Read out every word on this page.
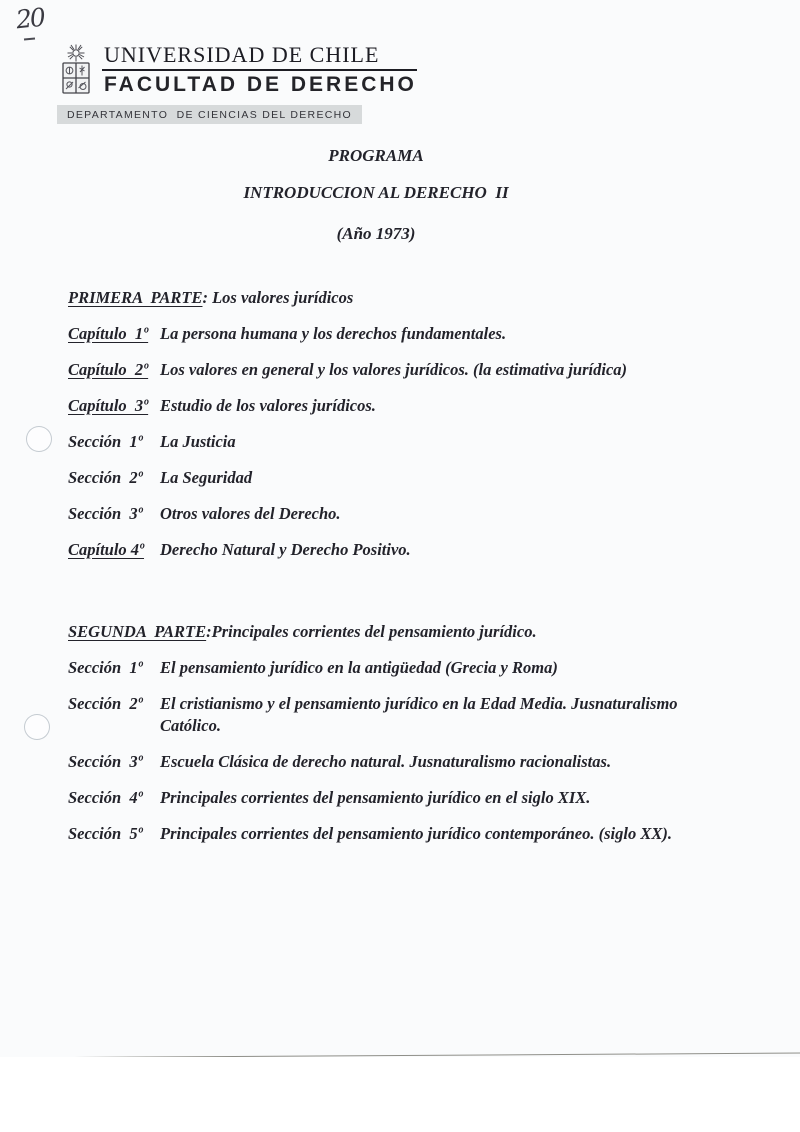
20
UNIVERSIDAD DE CHILE
FACULTAD DE DERECHO
DEPARTAMENTO  DE CIENCIAS DEL DERECHO
PROGRAMA
INTRODUCCION AL DERECHO  II
(Año 1973)
PRIMERA  PARTE: Los valores jurídicos
Capítulo  1º La persona humana y los derechos fundamentales.
Capítulo  2º Los valores en general y los valores jurídicos. (la estimativa jurídica)
Capítulo  3º Estudio de los valores jurídicos.
Sección  1º	La Justicia
Sección  2º	La Seguridad
Sección  3º	Otros valores del Derecho.
Capítulo 4º Derecho Natural y Derecho Positivo.
SEGUNDA  PARTE:Principales corrientes del pensamiento jurídico.
Sección  1º	El pensamiento jurídico en la antigüedad (Grecia y Roma)
Sección  2º	El cristianismo y el pensamiento jurídico en la Edad Media. Jusnaturalismo Católico.
Sección  3º	Escuela Clásica de derecho natural. Jusnaturalismo racionalistas.
Sección  4º	Principales corrientes del pensamiento jurídico en el siglo XIX.
Sección  5º	Principales corrientes del pensamiento jurídico contemporáneo. (siglo XX).
